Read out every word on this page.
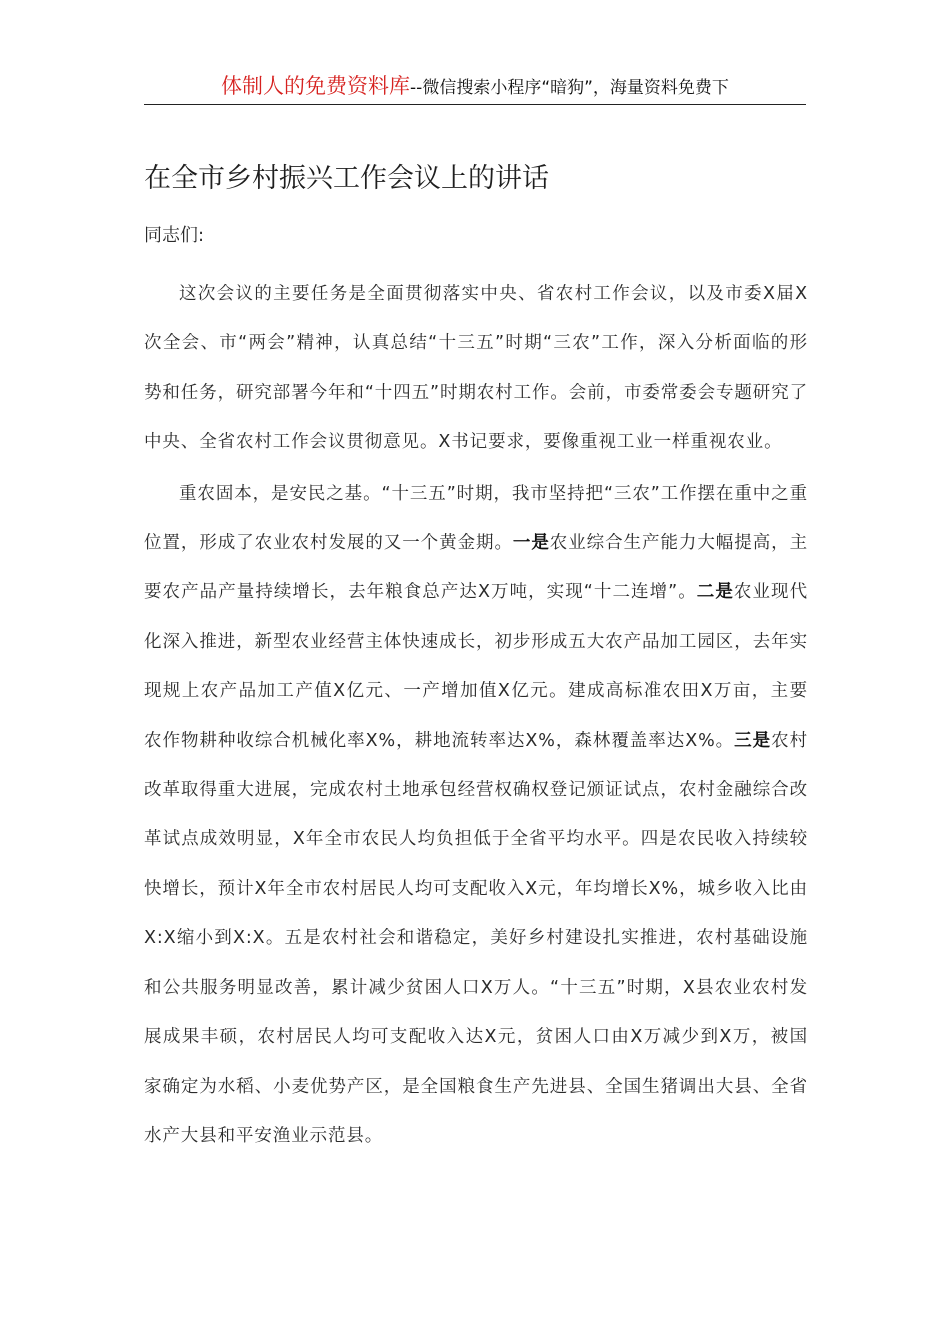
体制人的免费资料库--微信搜索小程序“暗狗”，海量资料免费下
在全市乡村振兴工作会议上的讲话
同志们:

这次会议的主要任务是全面贯彻落实中央、省农村工作会议，以及市委X届X次全会、市“两会”精神，认真总结“十三五”时期“三农”工作，深入分析面临的形势和任务，研究部署今年和“十四五”时期农村工作。会前，市委常委会专题研究了中央、全省农村工作会议贯彻意见。X书记要求，要像重视工业一样重视农业。

重农固本，是安民之基。“十三五”时期，我市坚持把“三农”工作摆在重中之重位置，形成了农业农村发展的又一个黄金期。一是农业综合生产能力大幅提高，主要农产品产量持续增长，去年粮食总产达X万吨，实现“十二连增”。二是农业现代化深入推进，新型农业经营主体快速成长，初步形成五大农产品加工园区，去年实现规上农产品加工产值X亿元、一产增加值X亿元。建成高标准农田X万亩，主要农作物耕种收综合机械化率X%，耕地流转率达X%，森林覆盖率达X%。三是农村改革取得重大进展，完成农村土地承包经营权确权登记颁证试点，农村金融综合改革试点成效明显，X年全市农民人均负担低于全省平均水平。四是农民收入持续较快增长，预计X年全市农村居民人均可支配收入X元，年均增长X%，城乡收入比由X:X缩小到X:X。五是农村社会和谐稳定，美好乡村建设扎实推进，农村基础设施和公共服务明显改善，累计减少贫困人口X万人。“十三五”时期，X县农业农村发展成果丰硕，农村居民人均可支配收入达X元，贫困人口由X万减少到X万，被国家确定为水稻、小麦优势产区，是全国粮食生产先进县、全国生猪调出大县、全省水产大县和平安渔业示范县。
